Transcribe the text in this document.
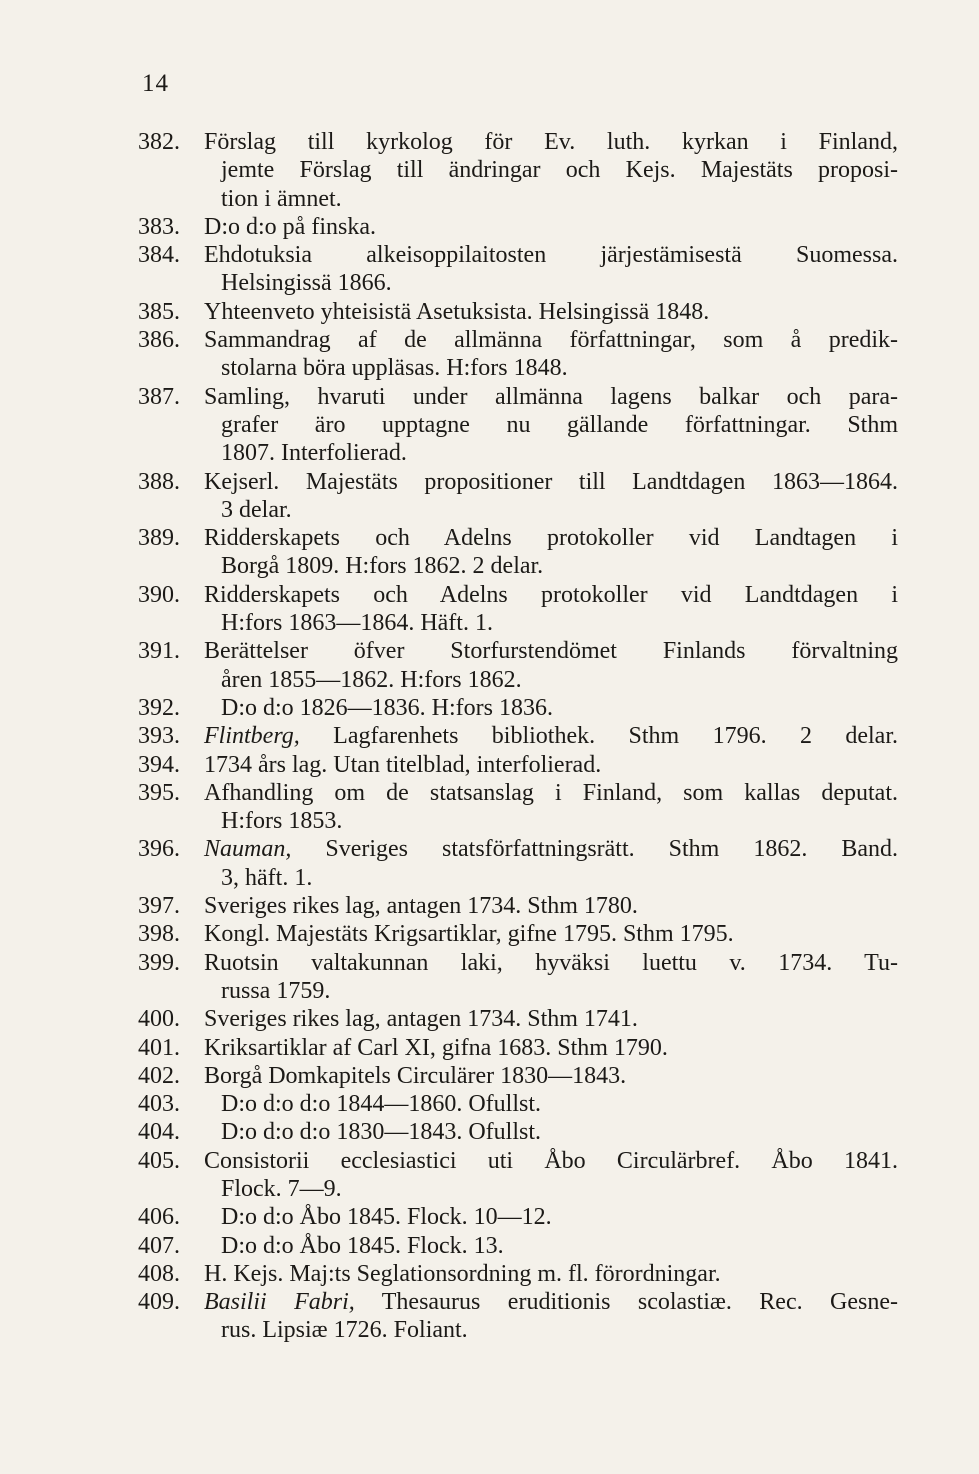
14
382.	Förslag till kyrkolog för Ev. luth. kyrkan i Finland,
jemte Förslag till ändringar och Kejs. Majestäts proposi-
tion i ämnet.
383.	D:o d:o på finska.
384.	Ehdotuksia alkeisoppilaitosten järjestämisestä Suomessa.
Helsingissä 1866.
385.	Yhteenveto yhteisistä Asetuksista. Helsingissä 1848.
386.	Sammandrag af de allmänna författningar, som å predik-
stolarna böra uppläsas. H:fors 1848.
387.	Samling, hvaruti under allmänna lagens balkar och para-
grafer äro upptagne nu gällande författningar. Sthm
1807. Interfolierad.
388.	Kejserl. Majestäts propositioner till Landtdagen 1863—1864.
3 delar.
389.	Ridderskapets och Adelns protokoller vid Landtagen i
Borgå 1809. H:fors 1862. 2 delar.
390.	Ridderskapets och Adelns protokoller vid Landtdagen i
H:fors 1863—1864. Häft. 1.
391.	Berättelser öfver Storfurstendömet Finlands förvaltning
åren 1855—1862. H:fors 1862.
392.	D:o d:o 1826—1836. H:fors 1836.
393.	Flintberg, Lagfarenhets bibliothek. Sthm 1796. 2 delar.
394.	1734 års lag. Utan titelblad, interfolierad.
395.	Afhandling om de statsanslag i Finland, som kallas deputat.
H:fors 1853.
396.	Nauman, Sveriges statsförfattningsrätt. Sthm 1862. Band.
3, häft. 1.
397.	Sveriges rikes lag, antagen 1734. Sthm 1780.
398.	Kongl. Majestäts Krigsartiklar, gifne 1795. Sthm 1795.
399.	Ruotsin valtakunnan laki, hyväksi luettu v. 1734. Tu-
russa 1759.
400.	Sveriges rikes lag, antagen 1734. Sthm 1741.
401.	Kriksartiklar af Carl XI, gifna 1683. Sthm 1790.
402.	Borgå Domkapitels Circulärer 1830—1843.
403.	D:o d:o d:o 1844—1860. Ofullst.
404.	D:o d:o d:o 1830—1843. Ofullst.
405.	Consistorii ecclesiastici uti Åbo Circulärbref. Åbo 1841.
Flock. 7—9.
406.	D:o d:o Åbo 1845. Flock. 10—12.
407.	D:o d:o Åbo 1845. Flock. 13.
408.	H. Kejs. Maj:ts Seglationsordning m. fl. förordningar.
409.	Basilii Fabri, Thesaurus eruditionis scolastiæ. Rec. Gesne-
rus. Lipsiæ 1726. Foliant.
